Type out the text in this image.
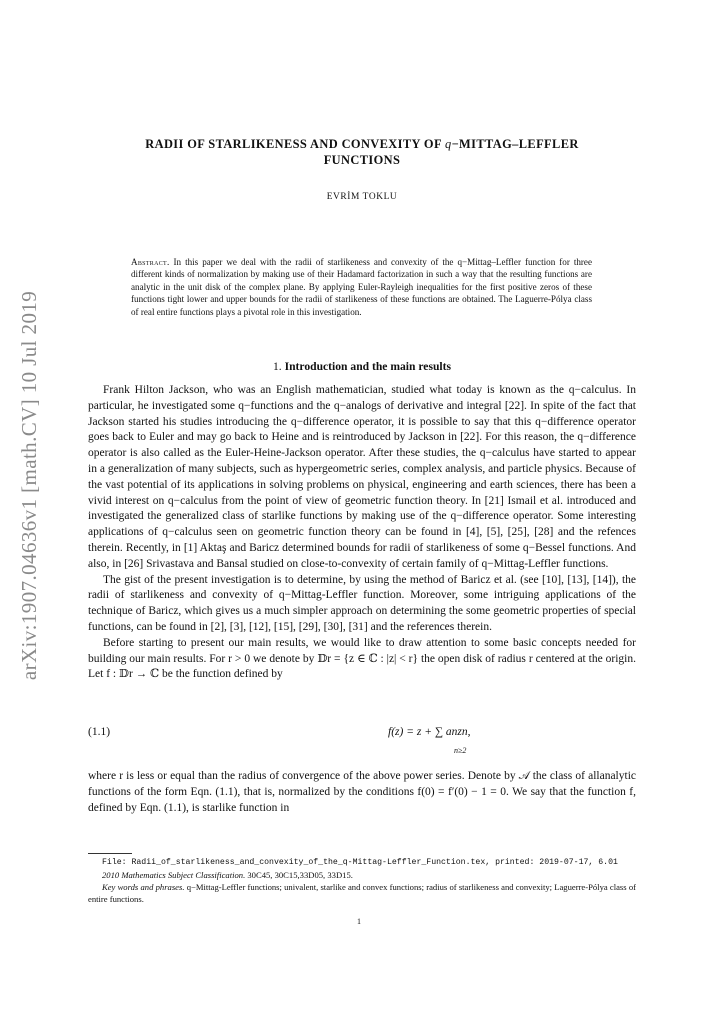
arXiv:1907.04636v1 [math.CV] 10 Jul 2019
RADII OF STARLIKENESS AND CONVEXITY OF q−MITTAG–LEFFLER
FUNCTIONS
EVRİM TOKLU
Abstract. In this paper we deal with the radii of starlikeness and convexity of the q−Mittag–Leffler function for three different kinds of normalization by making use of their Hadamard factorization in such a way that the resulting functions are analytic in the unit disk of the complex plane. By applying Euler-Rayleigh inequalities for the first positive zeros of these functions tight lower and upper bounds for the radii of starlikeness of these functions are obtained. The Laguerre-Pólya class of real entire functions plays a pivotal role in this investigation.
1. Introduction and the main results

Frank Hilton Jackson, who was an English mathematician, studied what today is known as the q−calculus. In particular, he investigated some q−functions and the q−analogs of derivative and integral [22]. In spite of the fact that Jackson started his studies introducing the q−difference operator, it is possible to say that this q−difference operator goes back to Euler and may go back to Heine and is reintroduced by Jackson in [22]. For this reason, the q−difference operator is also called as the Euler-Heine-Jackson operator. After these studies, the q−calculus have started to appear in a generalization of many subjects, such as hypergeometric series, complex analysis, and particle physics. Because of the vast potential of its applications in solving problems on physical, engineering and earth sciences, there has been a vivid interest on q−calculus from the point of view of geometric function theory. In [21] Ismail et al. introduced and investigated the generalized class of starlike functions by making use of the q−difference operator. Some interesting applications of q−calculus seen on geometric function theory can be found in [4], [5], [25], [28] and the refences therein. Recently, in [1] Aktaş and Baricz determined bounds for radii of starlikeness of some q−Bessel functions. And also, in [26] Srivastava and Bansal studied on close-to-convexity of certain family of q−Mittag-Leffler functions.

The gist of the present investigation is to determine, by using the method of Baricz et al. (see [10], [13], [14]), the radii of starlikeness and convexity of q−Mittag-Leffler function. Moreover, some intriguing applications of the technique of Baricz, which gives us a much simpler approach on determining the some geometric properties of special functions, can be found in [2], [3], [12], [15], [29], [30], [31] and the references therein.

Before starting to present our main results, we would like to draw attention to some basic concepts needed for building our main results. For r > 0 we denote by 𝔻r = {z ∈ ℂ : |z| < r} the open disk of radius r centered at the origin. Let f : 𝔻r → ℂ be the function defined by

(1.1)	f(z) = z + ∑ anzn,
n≥2

where r is less or equal than the radius of convergence of the above power series. Denote by 𝒜 the class of allanalytic functions of the form Eqn. (1.1), that is, normalized by the conditions f(0) = f′(0) − 1 = 0. We say that the function f, defined by Eqn. (1.1), is starlike function in

File: Radii_of_starlikeness_and_convexity_of_the_q-Mittag-Leffler_Function.tex, printed: 2019-07-17, 6.01

2010 Mathematics Subject Classification. 30C45, 30C15,33D05, 33D15.

Key words and phrases. q−Mittag-Leffler functions; univalent, starlike and convex functions; radius of starlikeness and convexity; Laguerre-Pólya class of entire functions.

1
